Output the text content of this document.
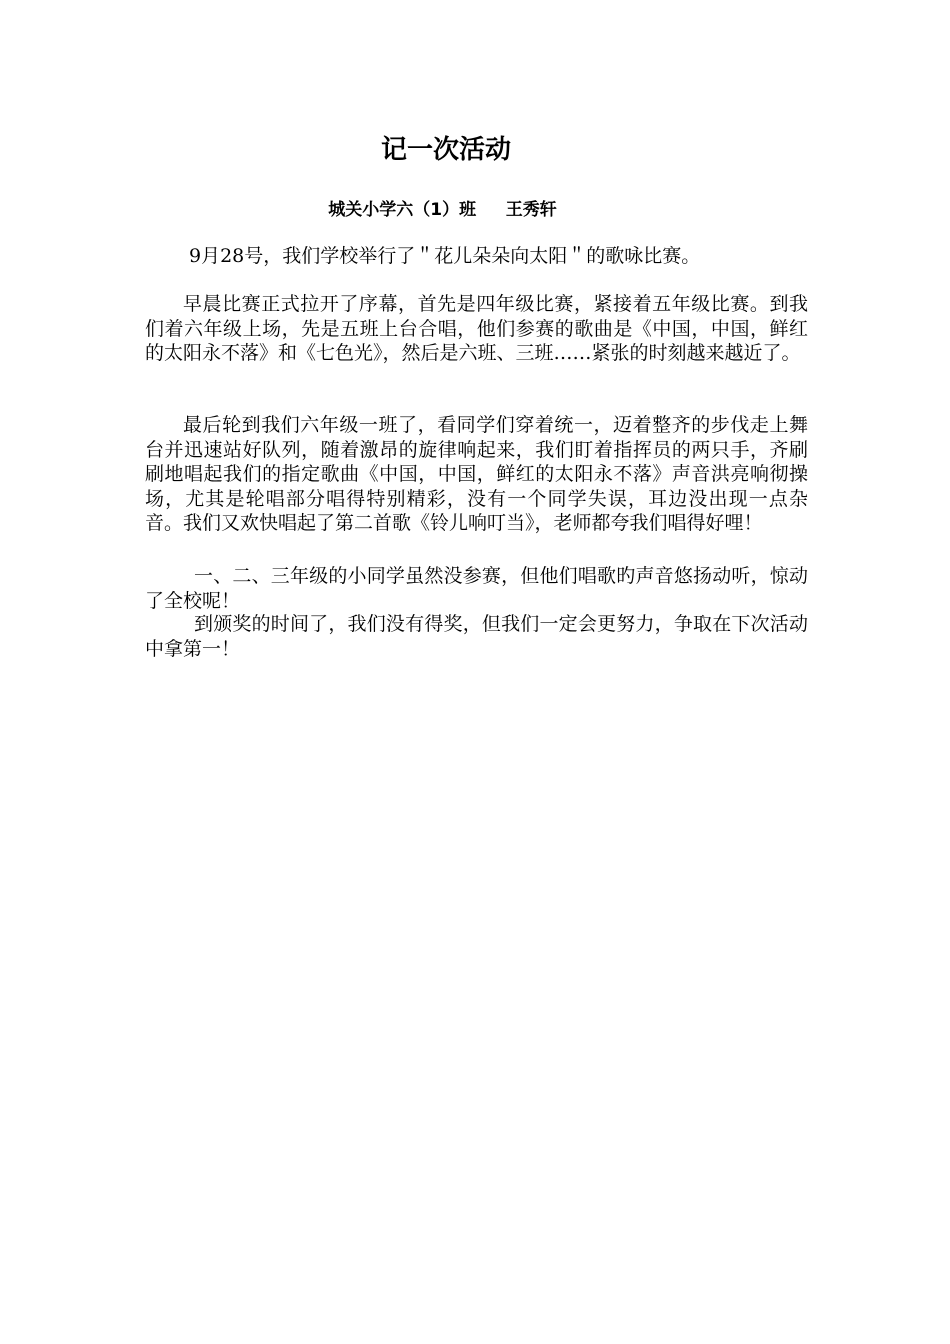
记一次活动
城关小学六（1）班 王秀轩

9月28号，我们学校举行了＂花儿朵朵向太阳＂的歌咏比赛。

早晨比赛正式拉开了序幕，首先是四年级比赛，紧接着五年级比赛。到我们着六年级上场，先是五班上台合唱，他们参赛的歌曲是《中国，中国，鲜红的太阳永不落》和《七色光》，然后是六班、三班……紧张的时刻越来越近了。

最后轮到我们六年级一班了，看同学们穿着统一，迈着整齐的步伐走上舞台并迅速站好队列，随着激昂的旋律响起来，我们盯着指挥员的两只手，齐刷刷地唱起我们的指定歌曲《中国，中国，鲜红的太阳永不落》声音洪亮响彻操场，尤其是轮唱部分唱得特别精彩，没有一个同学失误，耳边没出现一点杂音。我们又欢快唱起了第二首歌《铃儿响叮当》，老师都夸我们唱得好哩！

一、二、三年级的小同学虽然没参赛，但他们唱歌旳声音悠扬动听，惊动了全校呢！

到颁奖的时间了，我们没有得奖，但我们一定会更努力，争取在下次活动中拿第一！
